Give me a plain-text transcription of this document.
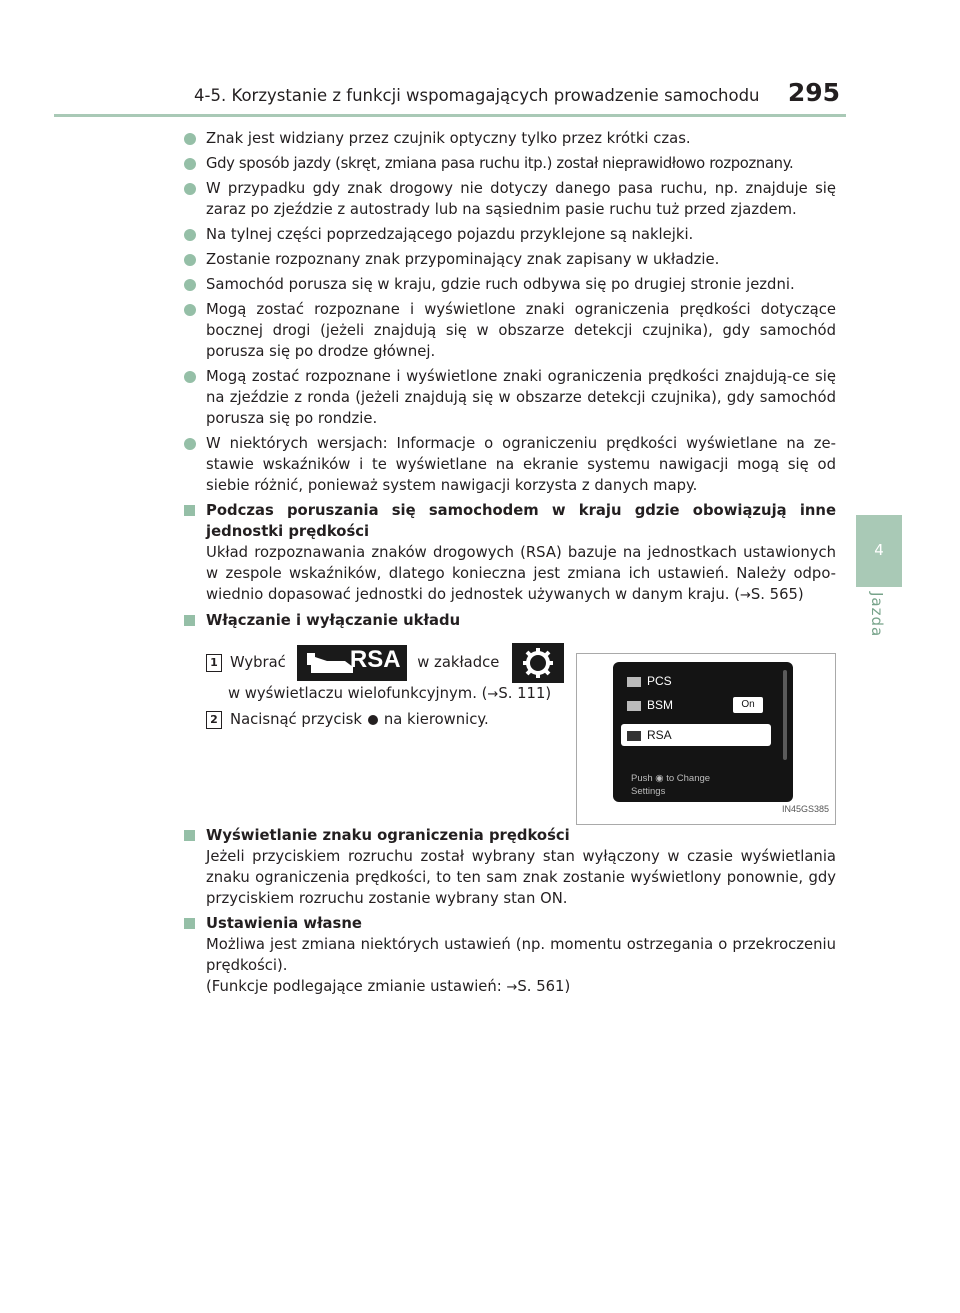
4-5. Korzystanie z funkcji wspomagających prowadzenie samochodu 295
4
Jazda
Znak jest widziany przez czujnik optyczny tylko przez krótki czas.
Gdy sposób jazdy (skręt, zmiana pasa ruchu itp.) został nieprawidłowo rozpoznany.
W przypadku gdy znak drogowy nie dotyczy danego pasa ruchu, np. znajduje się zaraz po zjeździe z autostrady lub na sąsiednim pasie ruchu tuż przed zjazdem.
Na tylnej części poprzedzającego pojazdu przyklejone są naklejki.
Zostanie rozpoznany znak przypominający znak zapisany w układzie.
Samochód porusza się w kraju, gdzie ruch odbywa się po drugiej stronie jezdni.
Mogą zostać rozpoznane i wyświetlone znaki ograniczenia prędkości dotyczące bocznej drogi (jeżeli znajdują się w obszarze detekcji czujnika), gdy samochód porusza się po drodze głównej.
Mogą zostać rozpoznane i wyświetlone znaki ograniczenia prędkości znajdują-ce się na zjeździe z ronda (jeżeli znajdują się w obszarze detekcji czujnika), gdy samochód porusza się po rondzie.
W niektórych wersjach: Informacje o ograniczeniu prędkości wyświetlane na ze-stawie wskaźników i te wyświetlane na ekranie systemu nawigacji mogą się od siebie różnić, ponieważ system nawigacji korzysta z danych mapy.
Podczas poruszania się samochodem w kraju gdzie obowiązują inne jednostki prędkości
Układ rozpoznawania znaków drogowych (RSA) bazuje na jednostkach ustawionych w zespole wskaźników, dlatego konieczna jest zmiana ich ustawień. Należy odpo-wiednio dopasować jednostki do jednostek używanych w danym kraju. (→S. 565)
Włączanie i wyłączanie układu
1 Wybrać	RSA w zakładce
w wyświetlaczu wielofunkcyjnym. (→S. 111)
2 Nacisnąć przycisk na kierownicy.
PCS
BSM	On
RSA
Push ◉ to Change
Settings
IN45GS385
Wyświetlanie znaku ograniczenia prędkości
Jeżeli przyciskiem rozruchu został wybrany stan wyłączony w czasie wyświetlania znaku ograniczenia prędkości, to ten sam znak zostanie wyświetlony ponownie, gdy przyciskiem rozruchu zostanie wybrany stan ON.
Ustawienia własne
Możliwa jest zmiana niektórych ustawień (np. momentu ostrzegania o przekroczeniu prędkości).
(Funkcje podlegające zmianie ustawień: →S. 561)
